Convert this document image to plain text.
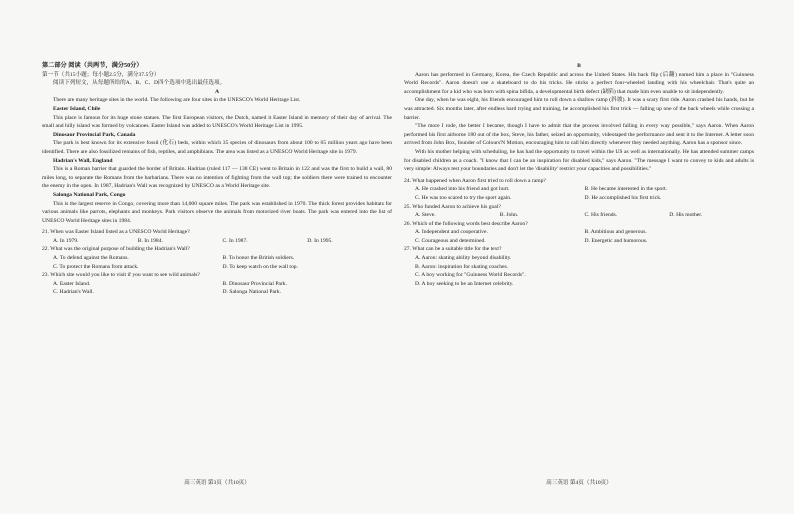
第二部分 阅读（共两节，满分50分）

第一节（共15小题；每小题2.5分，满分37.5分）

阅读下列短文，从每题所给的A、B、C、D四个选项中选出最佳选项。

A

There are many heritage sites in the world. The following are four sites in the UNESCO's World Heritage List.

Easter Island, Chile

This place is famous for its huge stone statues. The first European visitors, the Dutch, named it Easter Island in memory of their day of arrival. The small and hilly island was formed by volcanoes. Easter Island was added to UNESCO's World Heritage List in 1995.

Dinosaur Provincial Park, Canada

The park is best known for its extensive fossil (化石) beds, within which 35 species of dinosaurs from about 100 to 65 million years ago have been identified. There are also fossilized remains of fish, reptiles, and amphibians. The area was listed as a UNESCO World Heritage site in 1979.

Hadrian's Wall, England

This is a Roman barrier that guarded the border of Britain. Hadrian (ruled 117 — 138 CE) went to Britain in 122 and was the first to build a wall, 80 miles long, to separate the Romans from the barbarians. There was no intention of fighting from the wall top; the soldiers there were trained to encounter the enemy in the open. In 1987, Hadrian's Wall was recognized by UNESCO as a World Heritage site.

Salonga National Park, Congo

This is the largest reserve in Congo, covering more than 14,000 square miles. The park was established in 1970. The thick forest provides habitats for various animals like parrots, elephants and monkeys. Park visitors observe the animals from motorized river boats. The park was entered into the list of UNESCO World Heritage sites in 1984.

21. When was Easter Island listed as a UNESCO World Heritage?

A. In 1979.	B. In 1984.	C. In 1987.	D. In 1995.

22. What was the original purpose of building the Hadrian's Wall?

A. To defend against the Romans.	B. To honor the British soldiers.
C. To protect the Romans from attack.	D. To keep watch on the wall top.

23. Which site would you like to visit if you want to see wild animals?

A. Easter Island.	B. Dinosaur Provincial Park.
C. Hadrian's Wall.	D. Salonga National Park.

B

Aaron has performed in Germany, Korea, the Czech Republic and across the United States. His back flip (后翻) earned him a place in "Guinness World Records". Aaron doesn't use a skateboard to do his tricks. He sticks a perfect four-wheeled landing with his wheelchair. That's quite an accomplishment for a kid who was born with spina bifida, a developmental birth defect (缺陷) that made him even unable to sit independently.

One day, when he was eight, his friends encouraged him to roll down a shallow ramp (斜坡). It was a scary first ride. Aaron crashed his hands, but he was attracted. Six months later, after endless hard trying and training, he accomplished his first trick — falling up one of the back wheels while crossing a barrier.

"The more I rode, the better I became, though I have to admit that the process involved falling in every way possible," says Aaron. When Aaron performed his first airborne 180 out of the box, Steve, his father, seized an opportunity, videotaped the performance and sent it to the Internet. A letter soon arrived from John Box, founder of Colours'N Motion, encouraging him to call him directly whenever they needed anything. Aaron has a sponsor since.

With his mother helping with scheduling, he has had the opportunity to travel within the US as well as internationally. He has attended summer camps for disabled children as a coach. "I know that I can be an inspiration for disabled kids," says Aaron. "The message I want to convey to kids and adults is very simple: Always test your boundaries and don't let the 'disability' restrict your capacities and possibilities."

24. What happened when Aaron first tried to roll down a ramp?

A. He crashed into his friend and got hurt.	B. He became interested in the sport.
C. He was too scared to try the sport again.	D. He accomplished his first trick.

25. Who funded Aaron to achieve his goal?

A. Steve.	B. John.	C. His friends.	D. His mother.

26. Which of the following words best describe Aaron?

A. Independent and cooperative.	B. Ambitious and generous.
C. Courageous and determined.	D. Energetic and humorous.

27. What can be a suitable title for the text?

A. Aaron: skating ability beyond disability.
B. Aaron: inspiration for skating coaches.
C. A boy working for "Guinness World Records".
D. A boy seeking to be an Internet celebrity.
高三英语 第3页（共10页）	高三英语 第4页（共10页）
